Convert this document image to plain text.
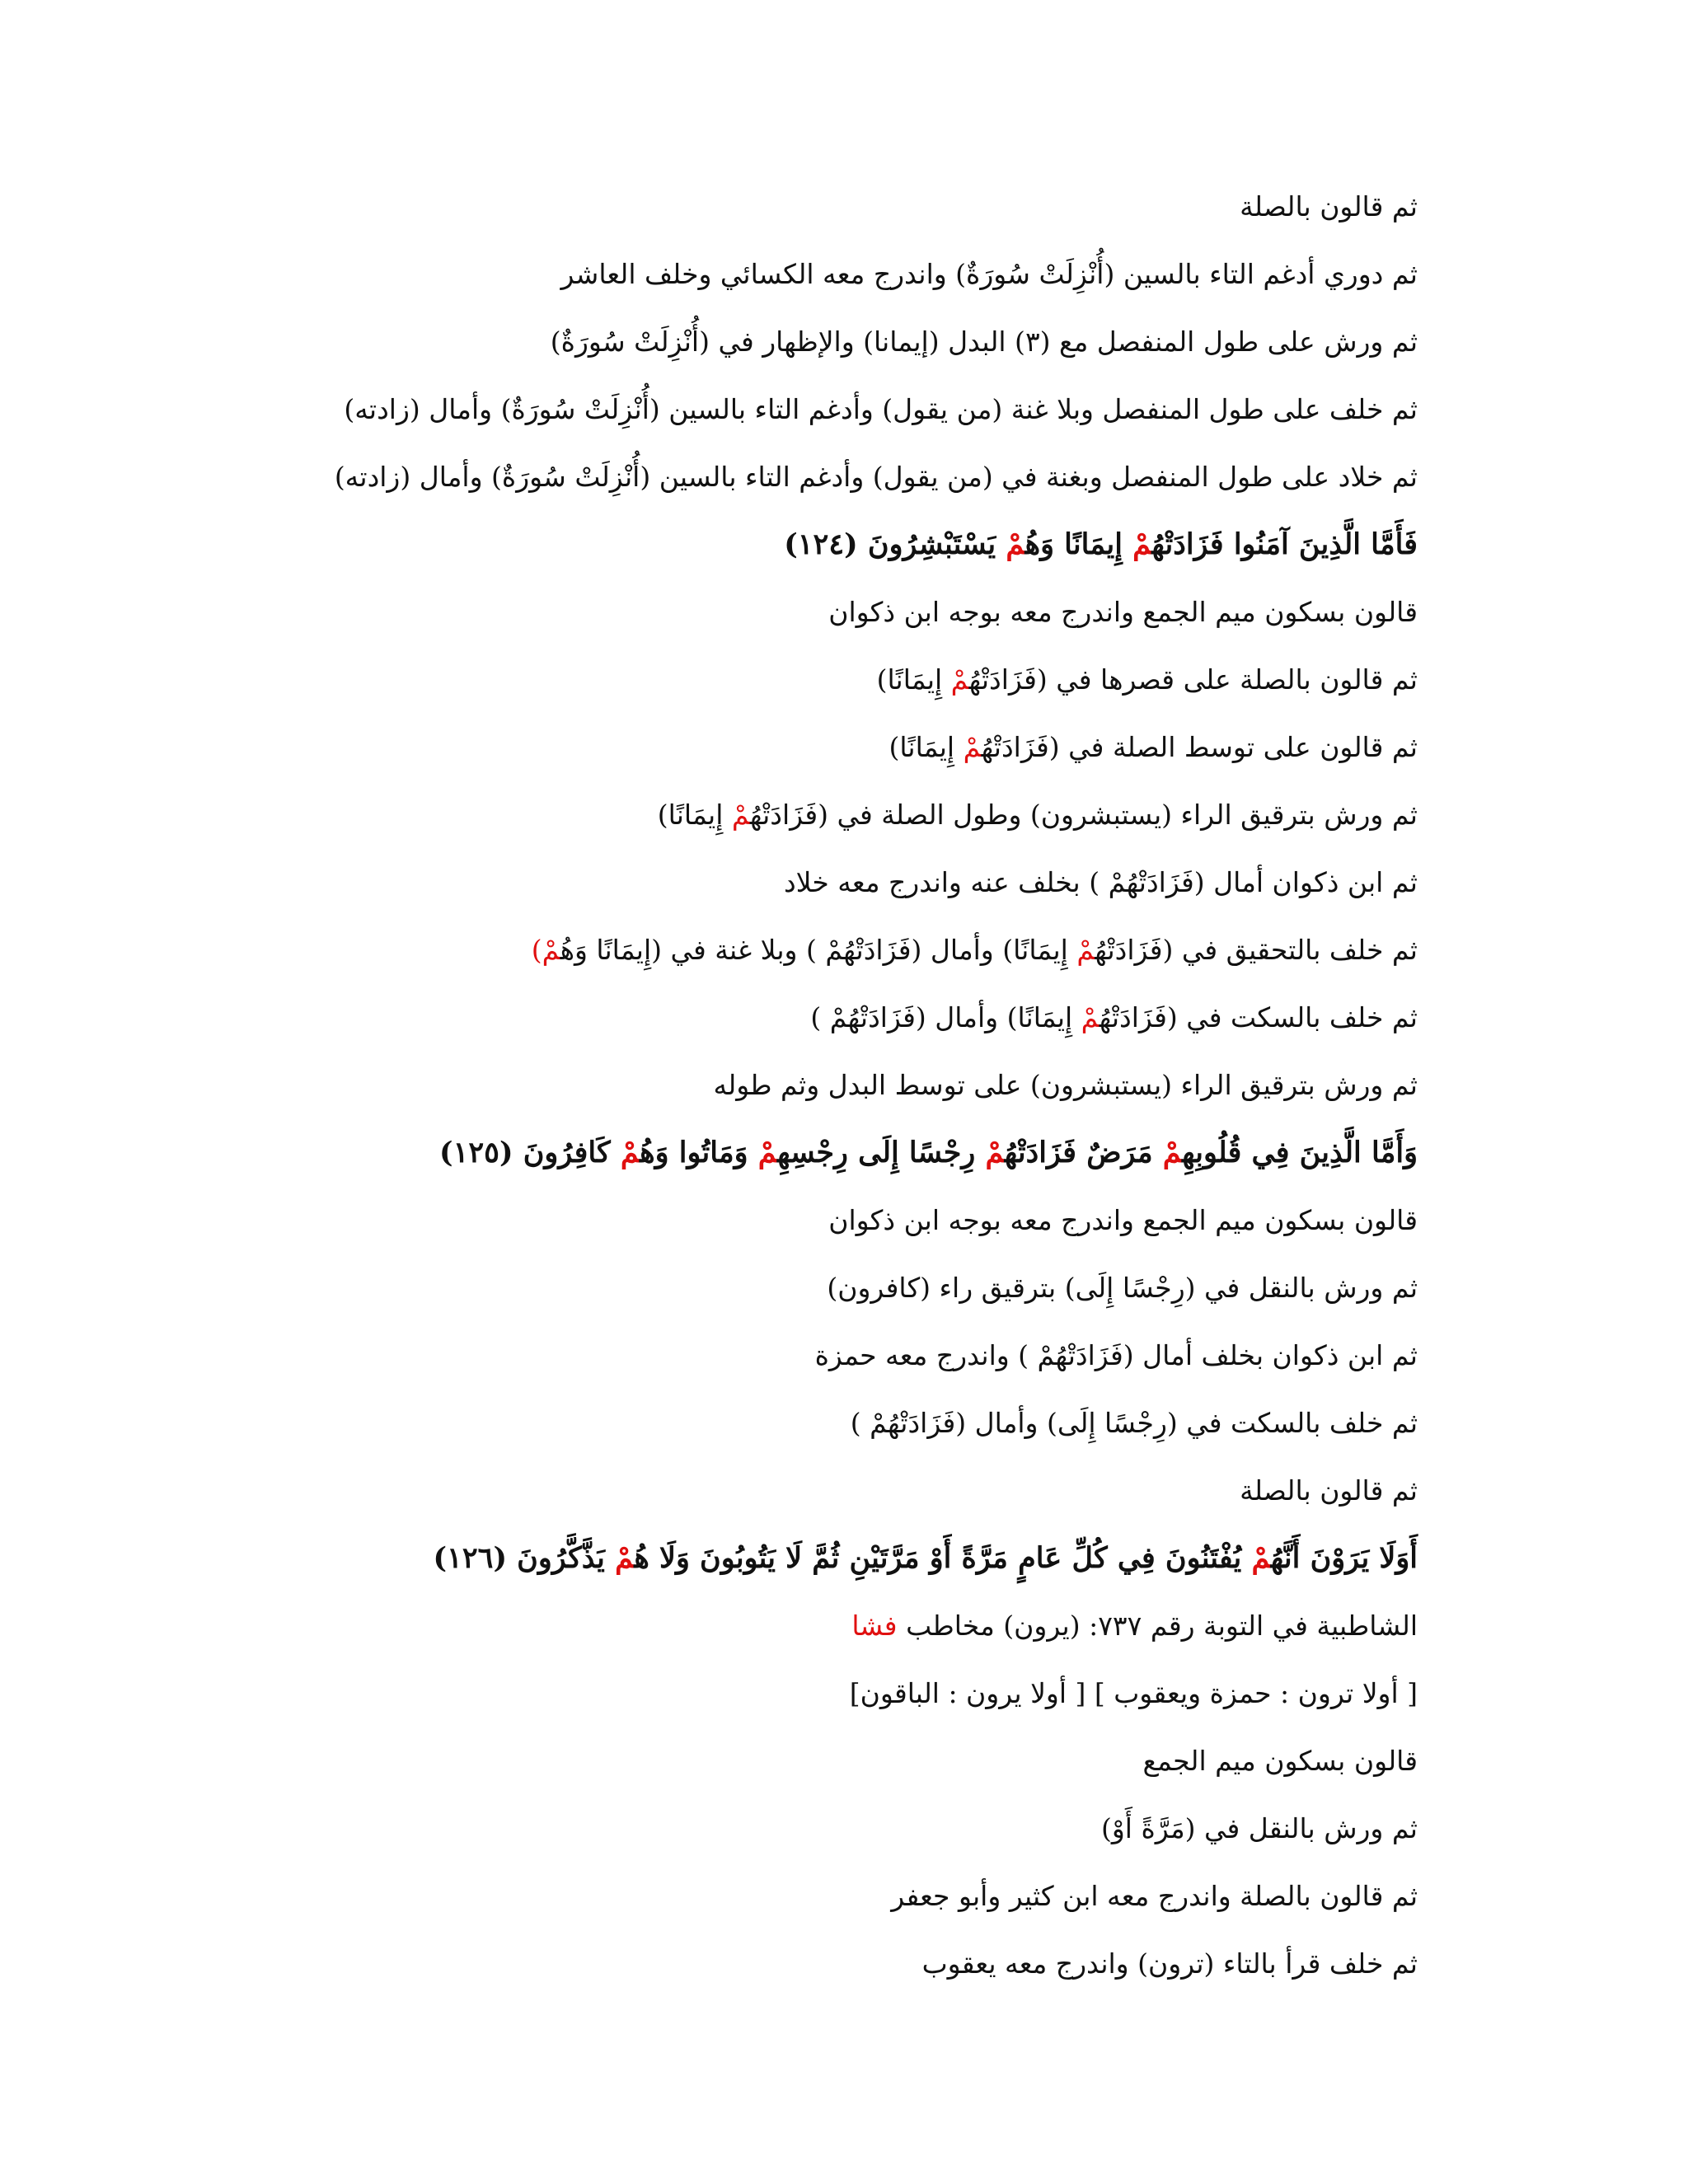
ثم قالون بالصلة
ثم دوري أدغم التاء بالسين (أُنْزِلَتْ سُورَةٌ) واندرج معه الكسائي وخلف العاشر
ثم ورش على طول المنفصل مع (٣) البدل (إيمانا) والإظهار في (أُنْزِلَتْ سُورَةٌ)
ثم خلف على طول المنفصل وبلا غنة (من يقول) وأدغم التاء بالسين (أُنْزِلَتْ سُورَةٌ) وأمال (زادته)
ثم خلاد على طول المنفصل وبغنة في (من يقول) وأدغم التاء بالسين (أُنْزِلَتْ سُورَةٌ) وأمال (زادته)
فَأَمَّا الَّذِينَ آمَنُوا فَزَادَتْهُمْ إِيمَانًا وَهُمْ يَسْتَبْشِرُونَ (١٢٤)
قالون بسكون ميم الجمع واندرج معه بوجه ابن ذكوان
ثم قالون بالصلة على قصرها في (فَزَادَتْهُمْ إِيمَانًا)
ثم قالون على توسط الصلة في (فَزَادَتْهُمْ إِيمَانًا)
ثم ورش بترقيق الراء (يستبشرون) وطول الصلة في (فَزَادَتْهُمْ إِيمَانًا)
ثم ابن ذكوان أمال (فَزَادَتْهُمْ ) بخلف عنه واندرج معه خلاد
ثم خلف بالتحقيق في (فَزَادَتْهُمْ إِيمَانًا) وأمال (فَزَادَتْهُمْ ) وبلا غنة في (إِيمَانًا وَهُمْ)
ثم خلف بالسكت في (فَزَادَتْهُمْ إِيمَانًا) وأمال (فَزَادَتْهُمْ )
ثم ورش بترقيق الراء (يستبشرون) على توسط البدل وثم طوله
وَأَمَّا الَّذِينَ فِي قُلُوبِهِمْ مَرَضٌ فَزَادَتْهُمْ رِجْسًا إِلَى رِجْسِهِمْ وَمَاتُوا وَهُمْ كَافِرُونَ (١٢٥)
قالون بسكون ميم الجمع واندرج معه بوجه ابن ذكوان
ثم ورش بالنقل في (رِجْسًا إِلَى) بترقيق راء (كافرون)
ثم ابن ذكوان بخلف أمال (فَزَادَتْهُمْ ) واندرج معه حمزة
ثم خلف بالسكت في (رِجْسًا إِلَى) وأمال (فَزَادَتْهُمْ )
ثم قالون بالصلة
أَوَلَا يَرَوْنَ أَنَّهُمْ يُفْتَنُونَ فِي كُلِّ عَامٍ مَرَّةً أَوْ مَرَّتَيْنِ ثُمَّ لَا يَتُوبُونَ وَلَا هُمْ يَذَّكَّرُونَ (١٢٦)
الشاطبية في التوبة رقم ٧٣٧: (يرون) مخاطب فشا
[ أولا ترون : حمزة ويعقوب ] [ أولا يرون : الباقون]
قالون بسكون ميم الجمع
ثم ورش بالنقل في (مَرَّةً أَوْ)
ثم قالون بالصلة واندرج معه ابن كثير وأبو جعفر
ثم خلف قرأ بالتاء (ترون) واندرج معه يعقوب
